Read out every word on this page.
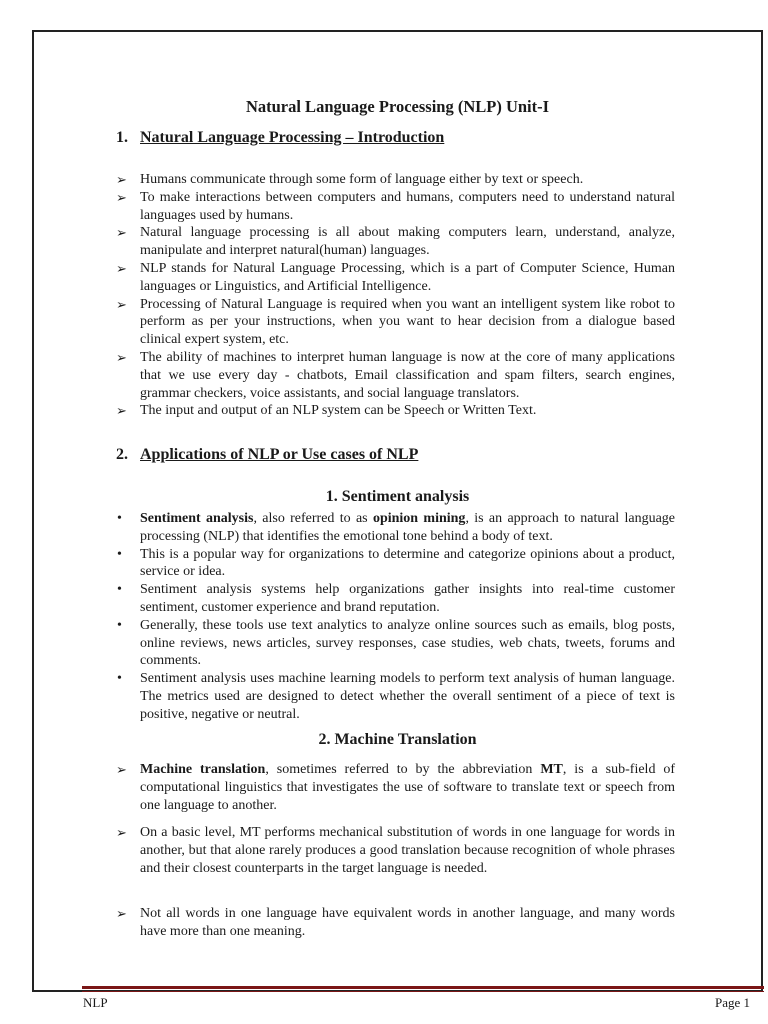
Natural Language Processing (NLP) Unit-I
1. Natural Language Processing – Introduction
➢ Humans communicate through some form of language either by text or speech.
➢ To make interactions between computers and humans, computers need to understand natural languages used by humans.
➢ Natural language processing is all about making computers learn, understand, analyze, manipulate and interpret natural(human) languages.
➢ NLP stands for Natural Language Processing, which is a part of Computer Science, Human languages or Linguistics, and Artificial Intelligence.
➢ Processing of Natural Language is required when you want an intelligent system like robot to perform as per your instructions, when you want to hear decision from a dialogue based clinical expert system, etc.
➢ The ability of machines to interpret human language is now at the core of many applications that we use every day - chatbots, Email classification and spam filters, search engines, grammar checkers, voice assistants, and social language translators.
➢ The input and output of an NLP system can be Speech or Written Text.
2. Applications of NLP or Use cases of NLP
1. Sentiment analysis
•	Sentiment analysis, also referred to as opinion mining, is an approach to natural language processing (NLP) that identifies the emotional tone behind a body of text.
•	This is a popular way for organizations to determine and categorize opinions about a product, service or idea.
•	Sentiment analysis systems help organizations gather insights into real-time customer sentiment, customer experience and brand reputation.
•	Generally, these tools use text analytics to analyze online sources such as emails, blog posts, online reviews, news articles, survey responses, case studies, web chats, tweets, forums and comments.
•	Sentiment analysis uses machine learning models to perform text analysis of human language. The metrics used are designed to detect whether the overall sentiment of a piece of text is positive, negative or neutral.
2. Machine Translation
➢ Machine translation, sometimes referred to by the abbreviation MT, is a sub-field of computational linguistics that investigates the use of software to translate text or speech from one language to another.
➢ On a basic level, MT performs mechanical substitution of words in one language for words in another, but that alone rarely produces a good translation because recognition of whole phrases and their closest counterparts in the target language is needed.
➢ Not all words in one language have equivalent words in another language, and many words have more than one meaning.
NLP	Page 1
